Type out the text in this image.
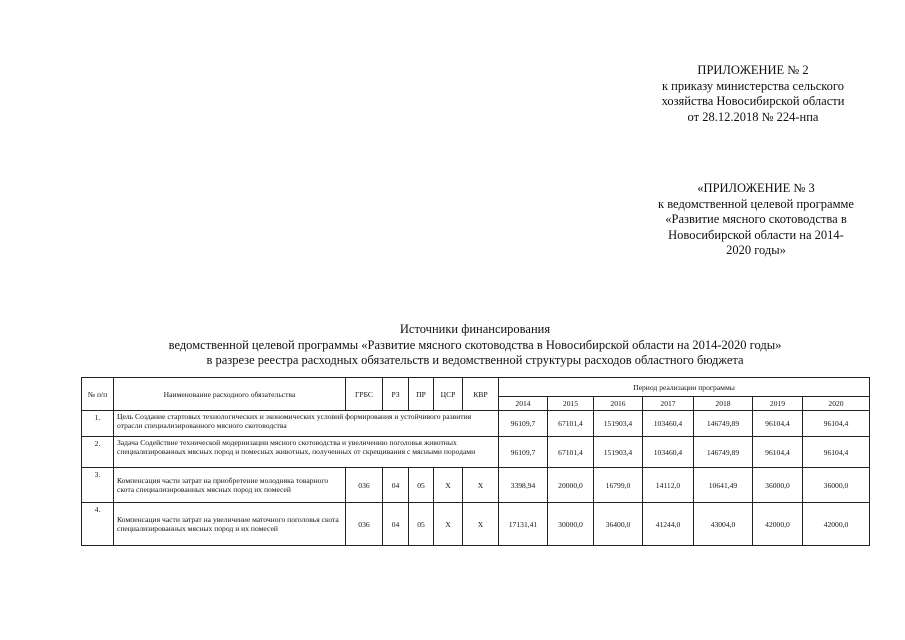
ПРИЛОЖЕНИЕ № 2
к приказу министерства сельского
хозяйства Новосибирской области
от 28.12.2018 № 224-нпа
«ПРИЛОЖЕНИЕ № 3
к ведомственной целевой программе
«Развитие мясного скотоводства в
Новосибирской области на 2014-
2020 годы»
Источники финансирования
ведомственной целевой программы «Развитие мясного скотоводства в Новосибирской области на 2014-2020 годы»
в разрезе реестра расходных обязательств и ведомственной структуры расходов областного бюджета
№ п/п	Наименование расходного обязательства	ГРБС	РЗ	ПР	ЦСР	КВР	Период реализации программы						
							2014	2015	2016	2017	2018	2019	2020
1.	Цель Создание стартовых технологических и экономических условий формирования и устойчивого развития отрасли специализированного мясного скотоводства						96109,7	67101,4	151903,4	103460,4	146749,89	96104,4	96104,4
2.	Задача Содействие технической модернизации мясного скотоводства и увеличению поголовья животных специализированных мясных пород и помесных животных, полученных от скрещивания с мясными породами						96109,7	67101,4	151903,4	103460,4	146749,89	96104,4	96104,4
3.	Компенсация части затрат на приобретение молодняка товарного скота специализированных мясных пород их помесей	036	04	05	X	X	3398,94	20000,0	16799,0	14112,0	10641,49	36000,0	36000,0
4.	Компенсация части затрат на увеличение маточного поголовья скота специализированных мясных пород и их помесей	036	04	05	X	X	17131,41	30000,0	36400,0	41244,0	43004,0	42000,0	42000,0
